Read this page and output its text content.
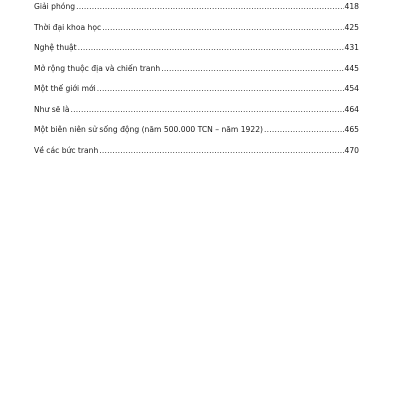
Giải phóng .....	418
Thời đại khoa học .....	425
Nghệ thuật .....	431
Mở rộng thuộc địa và chiến tranh .....	445
Một thế giới mới .....	454
Như sẽ là .....	464
Một biên niên sử sống động (năm 500.000 TCN – năm 1922) .....	465
Về các bức tranh .....	470
